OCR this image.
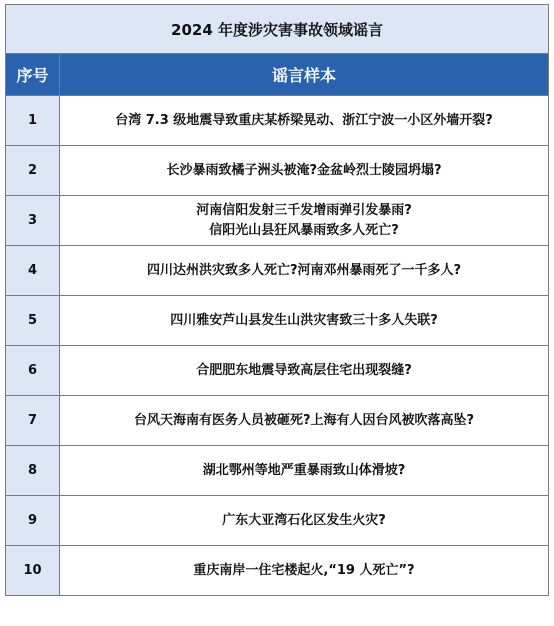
2024 年度涉灾害事故领域谣言	
序号	谣言样本
1	台湾 7.3 级地震导致重庆某桥梁晃动、浙江宁波一小区外墙开裂?

2	长沙暴雨致橘子洲头被淹?金盆岭烈士陵园坍塌?

3	河南信阳发射三千发增雨弹引发暴雨?
信阳光山县狂风暴雨致多人死亡?

4	四川达州洪灾致多人死亡?河南邓州暴雨死了一千多人?

5	四川雅安芦山县发生山洪灾害致三十多人失联?

6	合肥肥东地震导致高层住宅出现裂缝?

7	台风天海南有医务人员被砸死?上海有人因台风被吹落高坠?

8	湖北鄂州等地严重暴雨致山体滑坡?

9	广东大亚湾石化区发生火灾?

10	重庆南岸一住宅楼起火,“19 人死亡”?
